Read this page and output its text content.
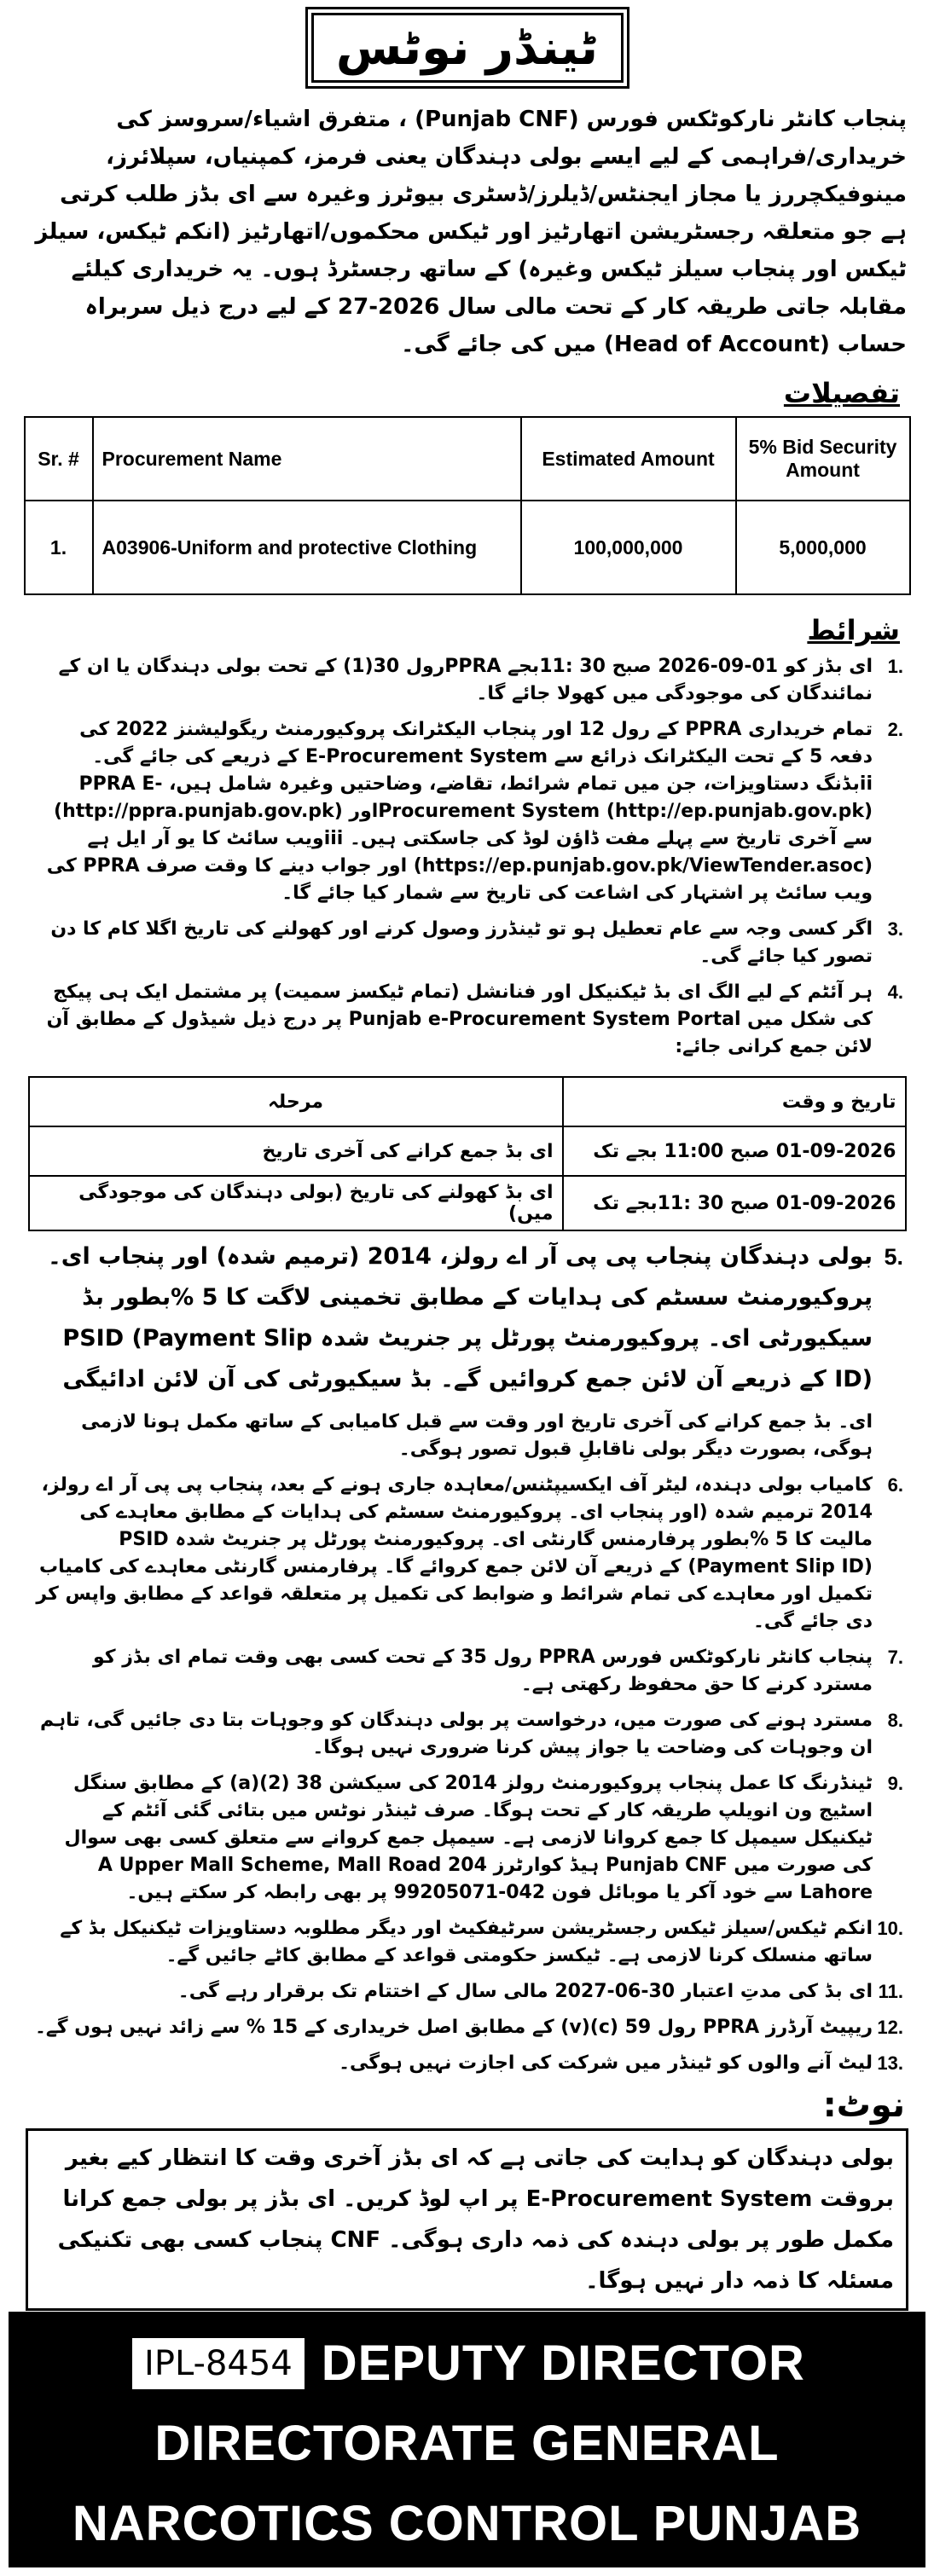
ٹینڈر نوٹس
پنجاب کانٹر نارکوٹکس فورس (Punjab CNF) ، متفرق اشیاء/سروسز کی خریداری/فراہمی کے لیے ایسے بولی دہندگان یعنی فرمز، کمپنیاں، سپلائرز، مینوفیکچررز یا مجاز ایجنٹس/ڈیلرز/ڈسٹری بیوٹرز وغیرہ سے ای بڈز طلب کرتی ہے جو متعلقہ رجسٹریشن اتھارٹیز اور ٹیکس محکموں/اتھارٹیز (انکم ٹیکس، سیلز ٹیکس اور پنجاب سیلز ٹیکس وغیرہ) کے ساتھ رجسٹرڈ ہوں۔ یہ خریداری کیلئے مقابلہ جاتی طریقہ کار کے تحت مالی سال 2026-27 کے لیے درج ذیل سربراہ حساب (Head of Account) میں کی جائے گی۔
تفصیلات
Sr. #	Procurement Name	Estimated Amount	5% Bid Security Amount
1.	A03906-Uniform and protective Clothing	100,000,000	5,000,000
شرائط
1.
ای بڈز کو 01-09-2026 صبح 30 :11بجے PPRAرول 30(1) کے تحت بولی دہندگان یا ان کے نمائندگان کی موجودگی میں کھولا جائے گا۔
2.
تمام خریداری PPRA کے رول 12 اور پنجاب الیکٹرانک پروکیورمنٹ ریگولیشنز 2022 کی دفعہ 5 کے تحت الیکٹرانک ذرائع سے E-Procurement System کے ذریعے کی جائے گی۔ iiبڈنگ دستاویزات، جن میں تمام شرائط، تقاضے، وضاحتیں وغیرہ شامل ہیں، PPRA E-Procurement System (http://ep.punjab.gov.pk)اور (http://ppra.punjab.gov.pk) سے آخری تاریخ سے پہلے مفت ڈاؤن لوڈ کی جاسکتی ہیں۔ iiiویب سائٹ کا یو آر ایل ہے (https://ep.punjab.gov.pk/ViewTender.asoc) اور جواب دینے کا وقت صرف PPRA کی ویب سائٹ پر اشتہار کی اشاعت کی تاریخ سے شمار کیا جائے گا۔
3.
اگر کسی وجہ سے عام تعطیل ہو تو ٹینڈرز وصول کرنے اور کھولنے کی تاریخ اگلا کام کا دن تصور کیا جائے گی۔
4.
ہر آئٹم کے لیے الگ ای بڈ ٹیکنیکل اور فنانشل (تمام ٹیکسز سمیت) پر مشتمل ایک ہی پیکج کی شکل میں Punjab e-Procurement System Portal پر درج ذیل شیڈول کے مطابق آن لائن جمع کرانی جائے:
تاریخ و وقت	مرحلہ
01-09-2026 صبح 11:00 بجے تک	ای بڈ جمع کرانے کی آخری تاریخ
01-09-2026 صبح 30 :11بجے تک	ای بڈ کھولنے کی تاریخ (بولی دہندگان کی موجودگی میں)
5.
بولی دہندگان پنجاب پی پی آر اے رولز، 2014 (ترمیم شدہ) اور پنجاب ای۔ پروکیورمنٹ سسٹم کی ہدایات کے مطابق تخمینی لاگت کا 5 %بطور بڈ سیکیورٹی ای۔ پروکیورمنٹ پورٹل پر جنریٹ شدہ PSID (Payment Slip ID) کے ذریعے آن لائن جمع کروائیں گے۔ بڈ سیکیورٹی کی آن لائن ادائیگی
ای۔ بڈ جمع کرانے کی آخری تاریخ اور وقت سے قبل کامیابی کے ساتھ مکمل ہونا لازمی ہوگی، بصورت دیگر بولی ناقابلِ قبول تصور ہوگی۔
6.
کامیاب بولی دہندہ، لیٹر آف ایکسیپٹنس/معاہدہ جاری ہونے کے بعد، پنجاب پی پی آر اے رولز، 2014 ترمیم شدہ (اور پنجاب ای۔ پروکیورمنٹ سسٹم کی ہدایات کے مطابق معاہدے کی مالیت کا 5 %بطور پرفارمنس گارنٹی ای۔ پروکیورمنٹ پورٹل پر جنریٹ شدہ PSID (Payment Slip ID) کے ذریعے آن لائن جمع کروائے گا۔ پرفارمنس گارنٹی معاہدے کی کامیاب تکمیل اور معاہدے کی تمام شرائط و ضوابط کی تکمیل پر متعلقہ قواعد کے مطابق واپس کر دی جائے گی۔
7.
پنجاب کانٹر نارکوٹکس فورس PPRA رول 35 کے تحت کسی بھی وقت تمام ای بڈز کو مسترد کرنے کا حق محفوظ رکھتی ہے۔
8.
مسترد ہونے کی صورت میں، درخواست پر بولی دہندگان کو وجوہات بتا دی جائیں گی، تاہم ان وجوہات کی وضاحت یا جواز پیش کرنا ضروری نہیں ہوگا۔
9.
ٹینڈرنگ کا عمل پنجاب پروکیورمنٹ رولز 2014 کی سیکشن 38 (2)(a) کے مطابق سنگل اسٹیج ون انویلپ طریقہ کار کے تحت ہوگا۔ صرف ٹینڈر نوٹس میں بتائی گئی آئٹم کے ٹیکنیکل سیمپل کا جمع کروانا لازمی ہے۔ سیمپل جمع کروانے سے متعلق کسی بھی سوال کی صورت میں Punjab CNF ہیڈ کوارٹرز 204 A Upper Mall Scheme, Mall Road Lahore سے خود آکر یا موبائل فون 042-99205071 پر بھی رابطہ کر سکتے ہیں۔
10.
انکم ٹیکس/سیلز ٹیکس رجسٹریشن سرٹیفکیٹ اور دیگر مطلوبہ دستاویزات ٹیکنیکل بڈ کے ساتھ منسلک کرنا لازمی ہے۔ ٹیکسز حکومتی قواعد کے مطابق کاٹے جائیں گے۔
11.
ای بڈ کی مدتِ اعتبار 30-06-2027 مالی سال کے اختتام تک برقرار رہے گی۔
12.
ریپیٹ آرڈرز PPRA رول 59 (c)(v) کے مطابق اصل خریداری کے 15 % سے زائد نہیں ہوں گے۔
13.
لیٹ آنے والوں کو ٹینڈر میں شرکت کی اجازت نہیں ہوگی۔
نوٹ:
بولی دہندگان کو ہدایت کی جاتی ہے کہ ای بڈز آخری وقت کا انتظار کیے بغیر بروقت E-Procurement System پر اپ لوڈ کریں۔ ای بڈز پر بولی جمع کرانا مکمل طور پر بولی دہندہ کی ذمہ داری ہوگی۔ CNF پنجاب کسی بھی تکنیکی مسئلہ کا ذمہ دار نہیں ہوگا۔
IPL-8454 DEPUTY DIRECTOR
DIRECTORATE GENERAL
NARCOTICS CONTROL PUNJAB
